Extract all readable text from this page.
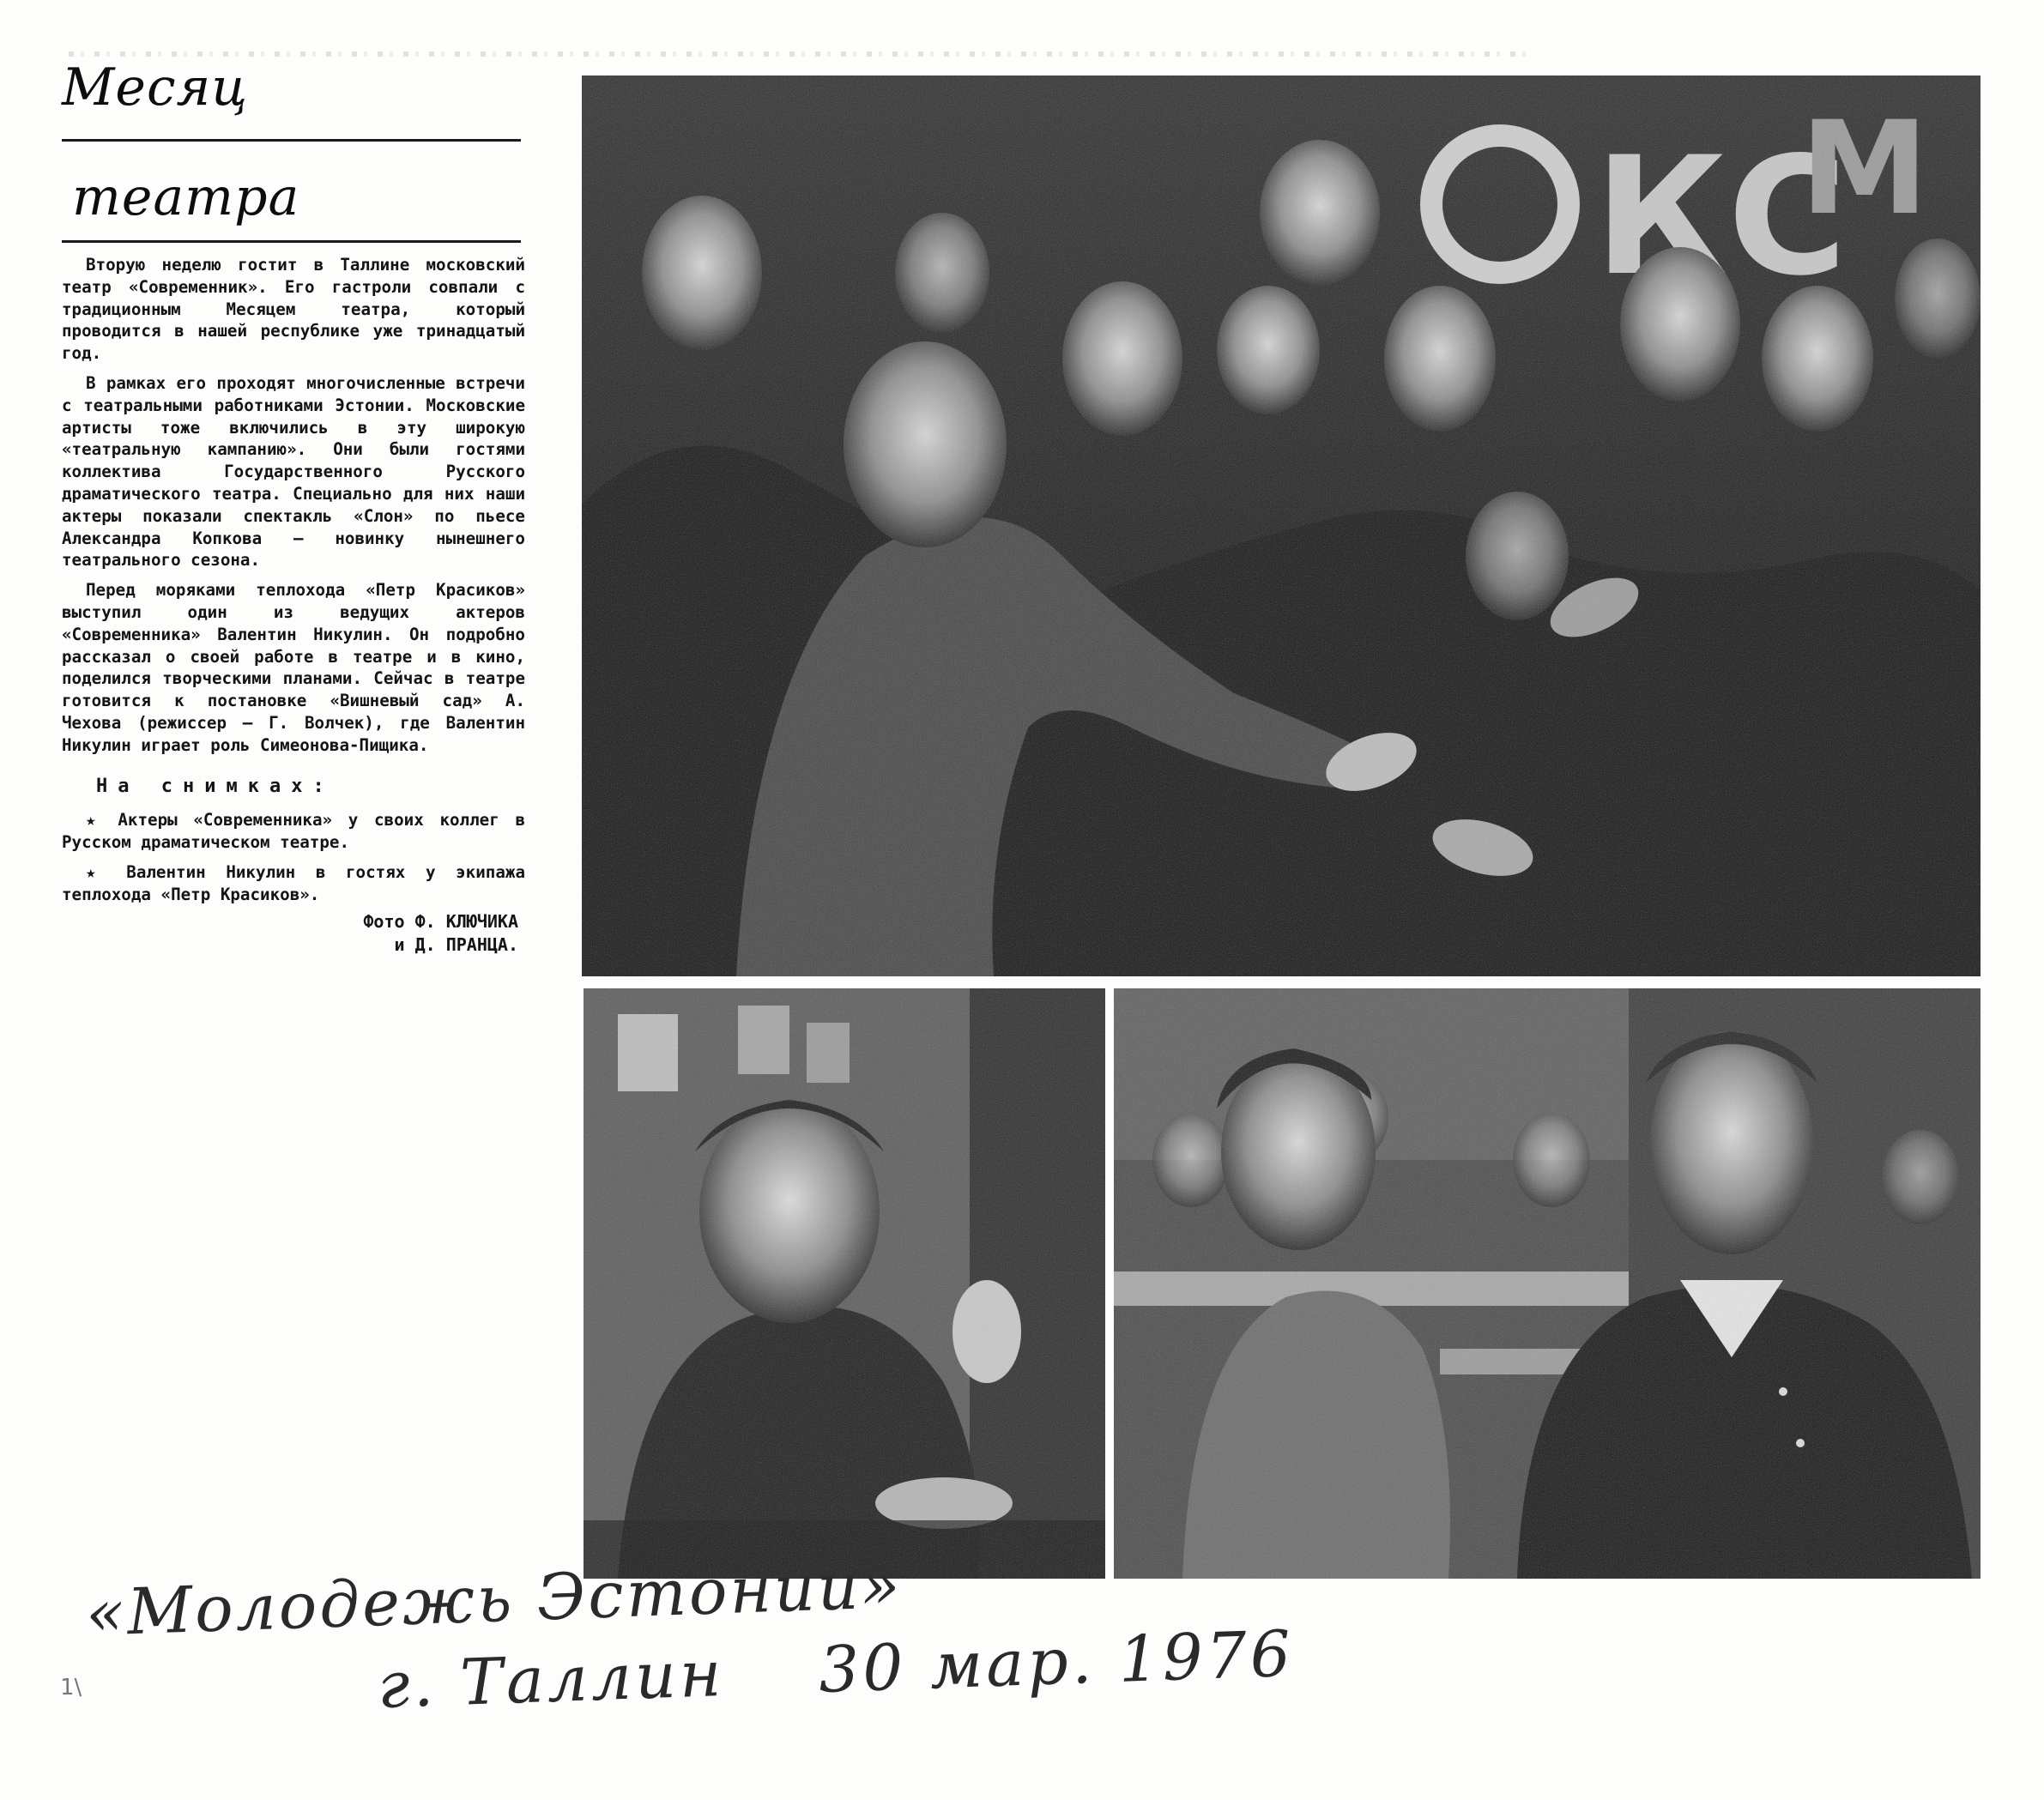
Месяц
театра

Вторую неделю гостит в Таллине московский театр «Современник». Его гастроли совпали с традиционным Месяцем театра, который проводится в нашей республике уже тринадцатый год.

В рамках его проходят многочисленные встречи с театральными работниками Эстонии. Московские артисты тоже включились в эту широкую «театральную кампанию». Они были гостями коллектива Государственного Русского драматического театра. Специально для них наши актеры показали спектакль «Слон» по пьесе Александра Копкова — новинку нынешнего театрального сезона.

Перед моряками теплохода «Петр Красиков» выступил один из ведущих актеров «Современника» Валентин Никулин. Он подробно рассказал о своей работе в театре и в кино, поделился творческими планами. Сейчас в театре готовится к постановке «Вишневый сад» А. Чехова (режиссер — Г. Волчек), где Валентин Никулин играет роль Симеонова-Пищика.

На снимках:

★ Актеры «Современника» у своих коллег в Русском драматическом театре.

★ Валентин Никулин в гостях у экипажа теплохода «Петр Красиков».

Фото Ф. КЛЮЧИКА
и Д. ПРАНЦА.
«Молодежь Эстонии»
г. Таллин 30 мар. 1976
1\
